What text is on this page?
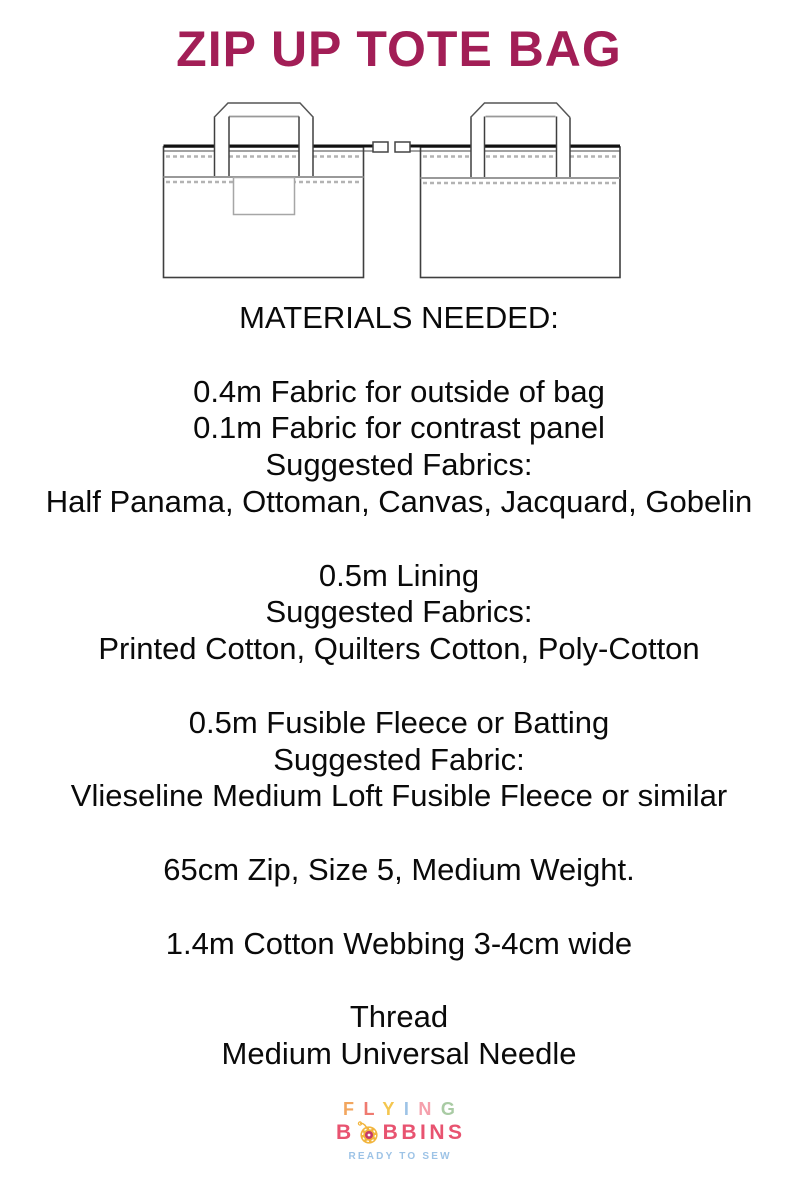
ZIP UP TOTE BAG
MATERIALS NEEDED:
0.4m Fabric for outside of bag
0.1m Fabric for contrast panel
Suggested Fabrics:
Half Panama, Ottoman, Canvas, Jacquard, Gobelin
0.5m Lining
Suggested Fabrics:
Printed Cotton, Quilters Cotton, Poly-Cotton
0.5m Fusible Fleece or Batting
Suggested Fabric:
Vlieseline Medium Loft Fusible Fleece or similar
65cm Zip, Size 5, Medium Weight.
1.4m Cotton Webbing 3-4cm wide
Thread
Medium Universal Needle
FLYING
B BBINS
READY TO SEW
